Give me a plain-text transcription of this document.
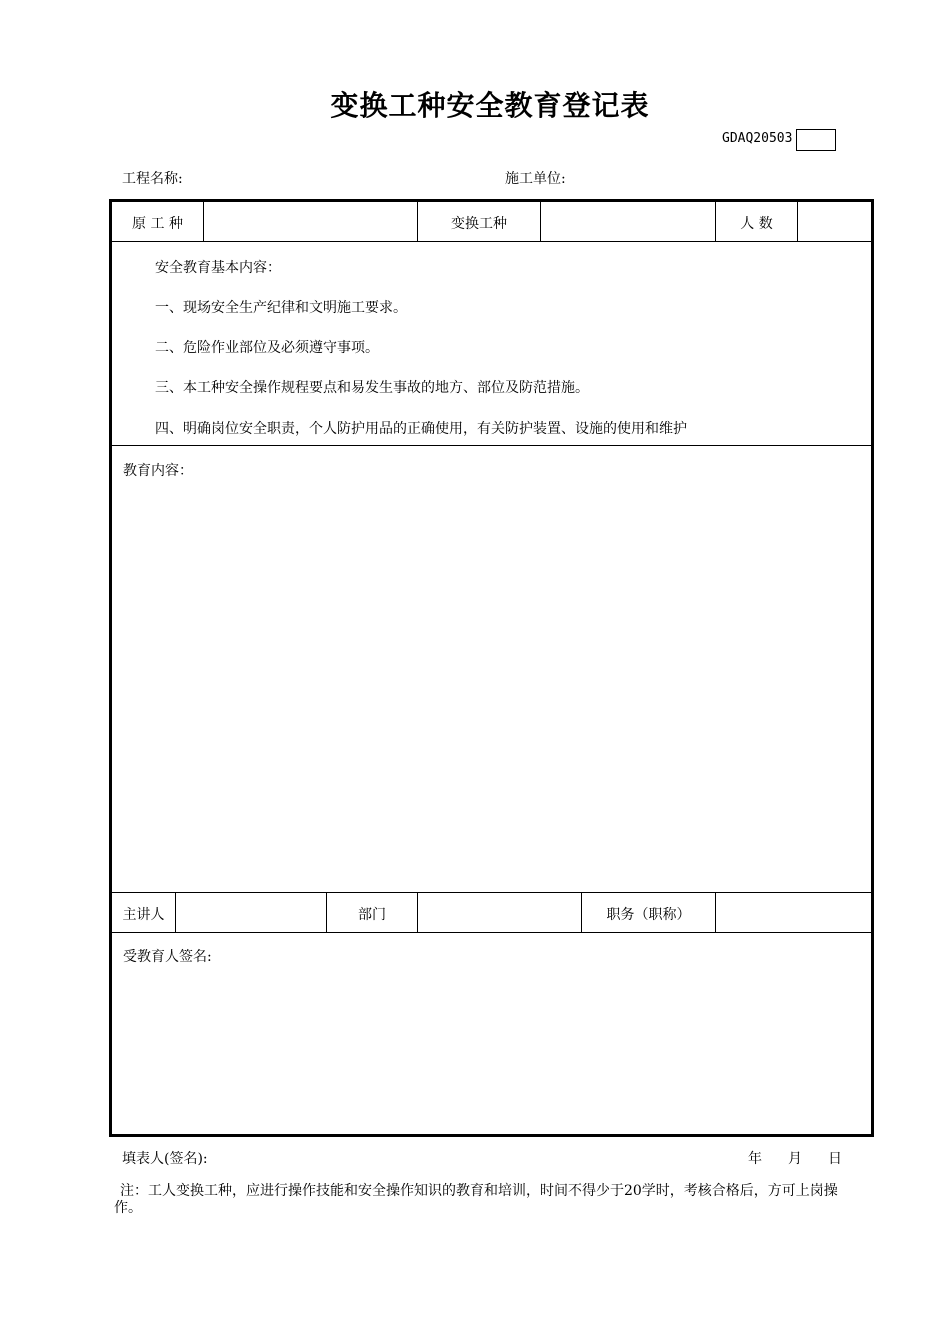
变换工种安全教育登记表
GDAQ20503
工程名称:	施工单位:
原 工 种	变换工种	人 数
安全教育基本内容：
一、现场安全生产纪律和文明施工要求。
二、危险作业部位及必须遵守事项。
三、本工种安全操作规程要点和易发生事故的地方、部位及防范措施。
四、明确岗位安全职责，个人防护用品的正确使用，有关防护装置、设施的使用和维护
教育内容：
主讲人	部门	职务（职称）
受教育人签名:
填表人(签名):	年 月 日
注：工人变换工种，应进行操作技能和安全操作知识的教育和培训，时间不得少于20学时，考核合格后，方可上岗操作。
